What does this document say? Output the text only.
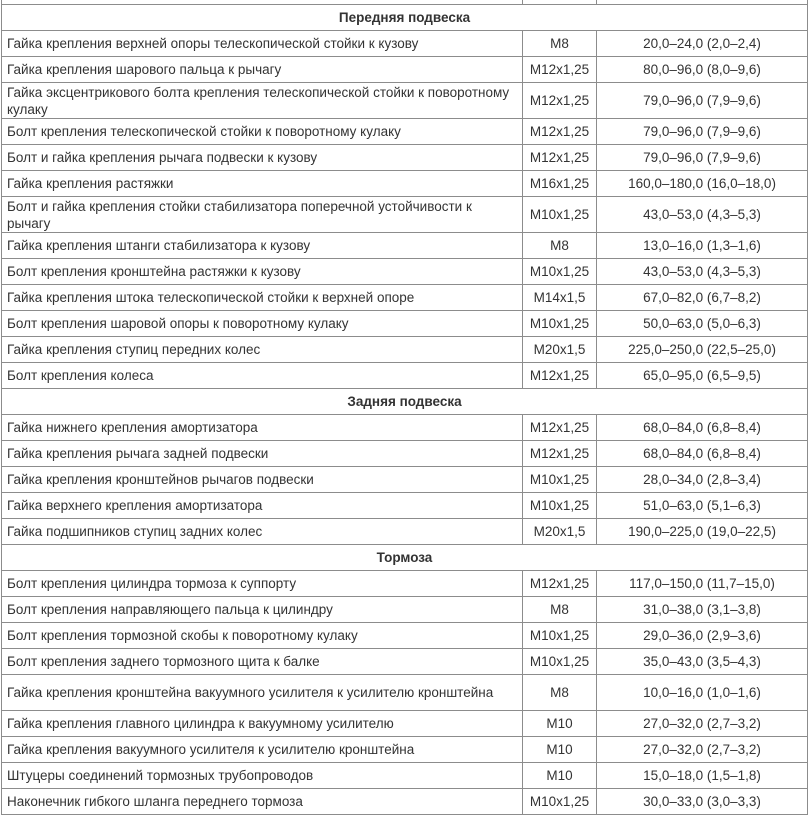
Передняя подвеска		
Гайка крепления верхней опоры телескопической стойки к кузову	M8	20,0–24,0 (2,0–2,4)
Гайка крепления шарового пальца к рычагу	M12x1,25	80,0–96,0 (8,0–9,6)
Гайка эксцентрикового болта крепления телескопической стойки к поворотному кулаку	M12x1,25	79,0–96,0 (7,9–9,6)
Болт крепления телескопической стойки к поворотному кулаку	M12x1,25	79,0–96,0 (7,9–9,6)
Болт и гайка крепления рычага подвески к кузову	M12x1,25	79,0–96,0 (7,9–9,6)
Гайка крепления растяжки	M16x1,25	160,0–180,0 (16,0–18,0)
Болт и гайка крепления стойки стабилизатора поперечной устойчивости к рычагу	M10x1,25	43,0–53,0 (4,3–5,3)
Гайка крепления штанги стабилизатора к кузову	M8	13,0–16,0 (1,3–1,6)
Болт крепления кронштейна растяжки к кузову	M10x1,25	43,0–53,0 (4,3–5,3)
Гайка крепления штока телескопической стойки к верхней опоре	M14x1,5	67,0–82,0 (6,7–8,2)
Болт крепления шаровой опоры к поворотному кулаку	M10x1,25	50,0–63,0 (5,0–6,3)
Гайка крепления ступиц передних колес	M20x1,5	225,0–250,0 (22,5–25,0)
Болт крепления колеса	M12x1,25	65,0–95,0 (6,5–9,5)
Задняя подвеска		
Гайка нижнего крепления амортизатора	M12x1,25	68,0–84,0 (6,8–8,4)
Гайка крепления рычага задней подвески	M12x1,25	68,0–84,0 (6,8–8,4)
Гайка крепления кронштейнов рычагов подвески	M10x1,25	28,0–34,0 (2,8–3,4)
Гайка верхнего крепления амортизатора	M10x1,25	51,0–63,0 (5,1–6,3)
Гайка подшипников ступиц задних колес	M20x1,5	190,0–225,0 (19,0–22,5)
Тормоза		
Болт крепления цилиндра тормоза к суппорту	M12x1,25	117,0–150,0 (11,7–15,0)
Болт крепления направляющего пальца к цилиндру	M8	31,0–38,0 (3,1–3,8)
Болт крепления тормозной скобы к поворотному кулаку	M10x1,25	29,0–36,0 (2,9–3,6)
Болт крепления заднего тормозного щита к балке	M10x1,25	35,0–43,0 (3,5–4,3)
Гайка крепления кронштейна вакуумного усилителя к усилителю кронштейна	M8	10,0–16,0 (1,0–1,6)
Гайка крепления главного цилиндра к вакуумному усилителю	M10	27,0–32,0 (2,7–3,2)
Гайка крепления вакуумного усилителя к усилителю кронштейна	M10	27,0–32,0 (2,7–3,2)
Штуцеры соединений тормозных трубопроводов	M10	15,0–18,0 (1,5–1,8)
Наконечник гибкого шланга переднего тормоза	M10x1,25	30,0–33,0 (3,0–3,3)
